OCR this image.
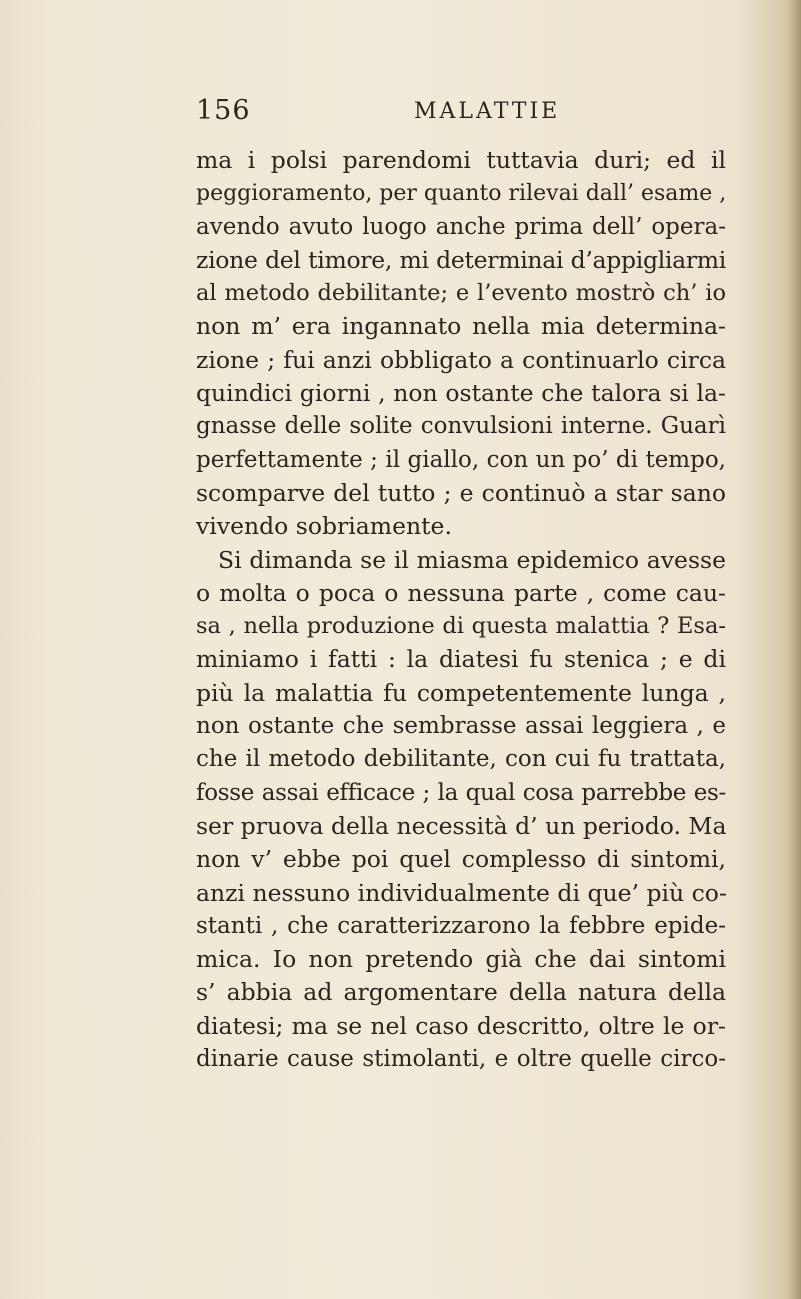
156	MALATTIE
ma i polsi parendomi tuttavia duri; ed il
peggioramento, per quanto rilevai dall’ esame ,
avendo avuto luogo anche prima dell’ opera-
zione del timore, mi determinai d’appigliarmi
al metodo debilitante; e l’evento mostrò ch’ io
non m’ era ingannato nella mia determina-
zione ; fui anzi obbligato a continuarlo circa
quindici giorni , non ostante che talora si la-
gnasse delle solite convulsioni interne. Guarì
perfettamente ; il giallo, con un po’ di tempo,
scomparve del tutto ; e continuò a star sano
vivendo sobriamente.
Si dimanda se il miasma epidemico avesse
o molta o poca o nessuna parte , come cau-
sa , nella produzione di questa malattia ? Esa-
miniamo i fatti : la diatesi fu stenica ; e di
più la malattia fu competentemente lunga ,
non ostante che sembrasse assai leggiera , e
che il metodo debilitante, con cui fu trattata,
fosse assai efficace ; la qual cosa parrebbe es-
ser pruova della necessità d’ un periodo. Ma
non v’ ebbe poi quel complesso di sintomi,
anzi nessuno individualmente di que’ più co-
stanti , che caratterizzarono la febbre epide-
mica. Io non pretendo già che dai sintomi
s’ abbia ad argomentare della natura della
diatesi; ma se nel caso descritto, oltre le or-
dinarie cause stimolanti, e oltre quelle circo-
